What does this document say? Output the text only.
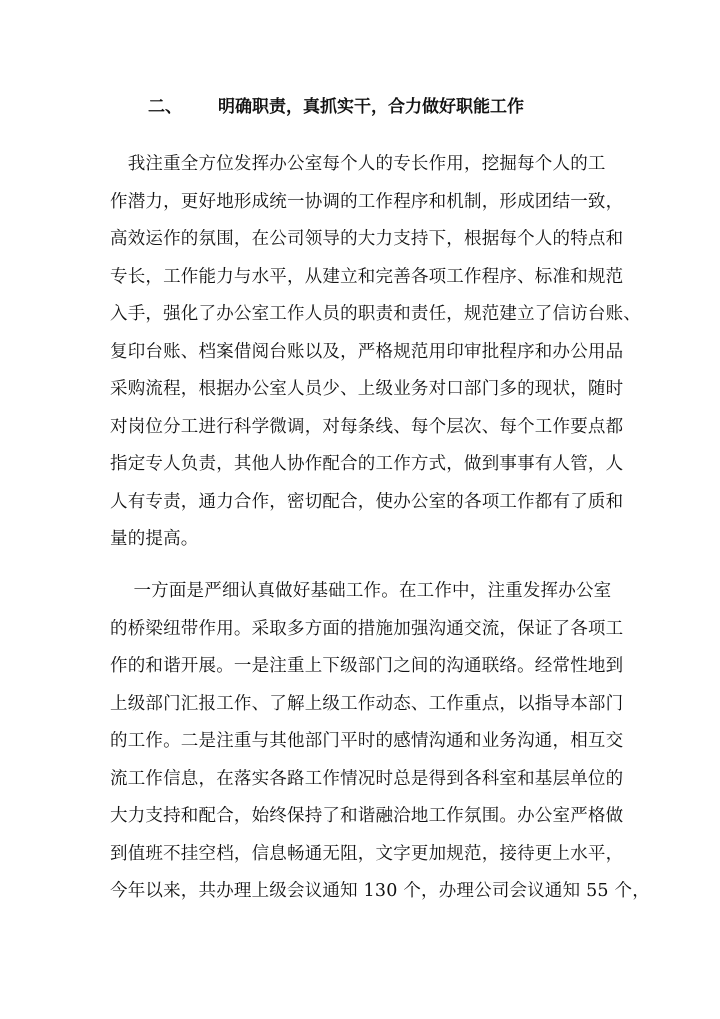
二、 明确职责，真抓实干，合力做好职能工作
　我注重全方位发挥办公室每个人的专长作用，挖掘每个人的工
作潜力，更好地形成统一协调的工作程序和机制，形成团结一致，
高效运作的氛围，在公司领导的大力支持下，根据每个人的特点和
专长，工作能力与水平，从建立和完善各项工作程序、标准和规范
入手，强化了办公室工作人员的职责和责任，规范建立了信访台账、
复印台账、档案借阅台账以及，严格规范用印审批程序和办公用品
采购流程，根据办公室人员少、上级业务对口部门多的现状，随时
对岗位分工进行科学微调，对每条线、每个层次、每个工作要点都
指定专人负责，其他人协作配合的工作方式，做到事事有人管，人
人有专责，通力合作，密切配合，使办公室的各项工作都有了质和
量的提高。
　 一方面是严细认真做好基础工作。在工作中，注重发挥办公室
的桥梁纽带作用。采取多方面的措施加强沟通交流，保证了各项工
作的和谐开展。一是注重上下级部门之间的沟通联络。经常性地到
上级部门汇报工作、了解上级工作动态、工作重点，以指导本部门
的工作。二是注重与其他部门平时的感情沟通和业务沟通，相互交
流工作信息，在落实各路工作情况时总是得到各科室和基层单位的
大力支持和配合，始终保持了和谐融洽地工作氛围。办公室严格做
到值班不挂空档，信息畅通无阻，文字更加规范，接待更上水平，
今年以来，共办理上级会议通知 130 个，办理公司会议通知 55 个，
